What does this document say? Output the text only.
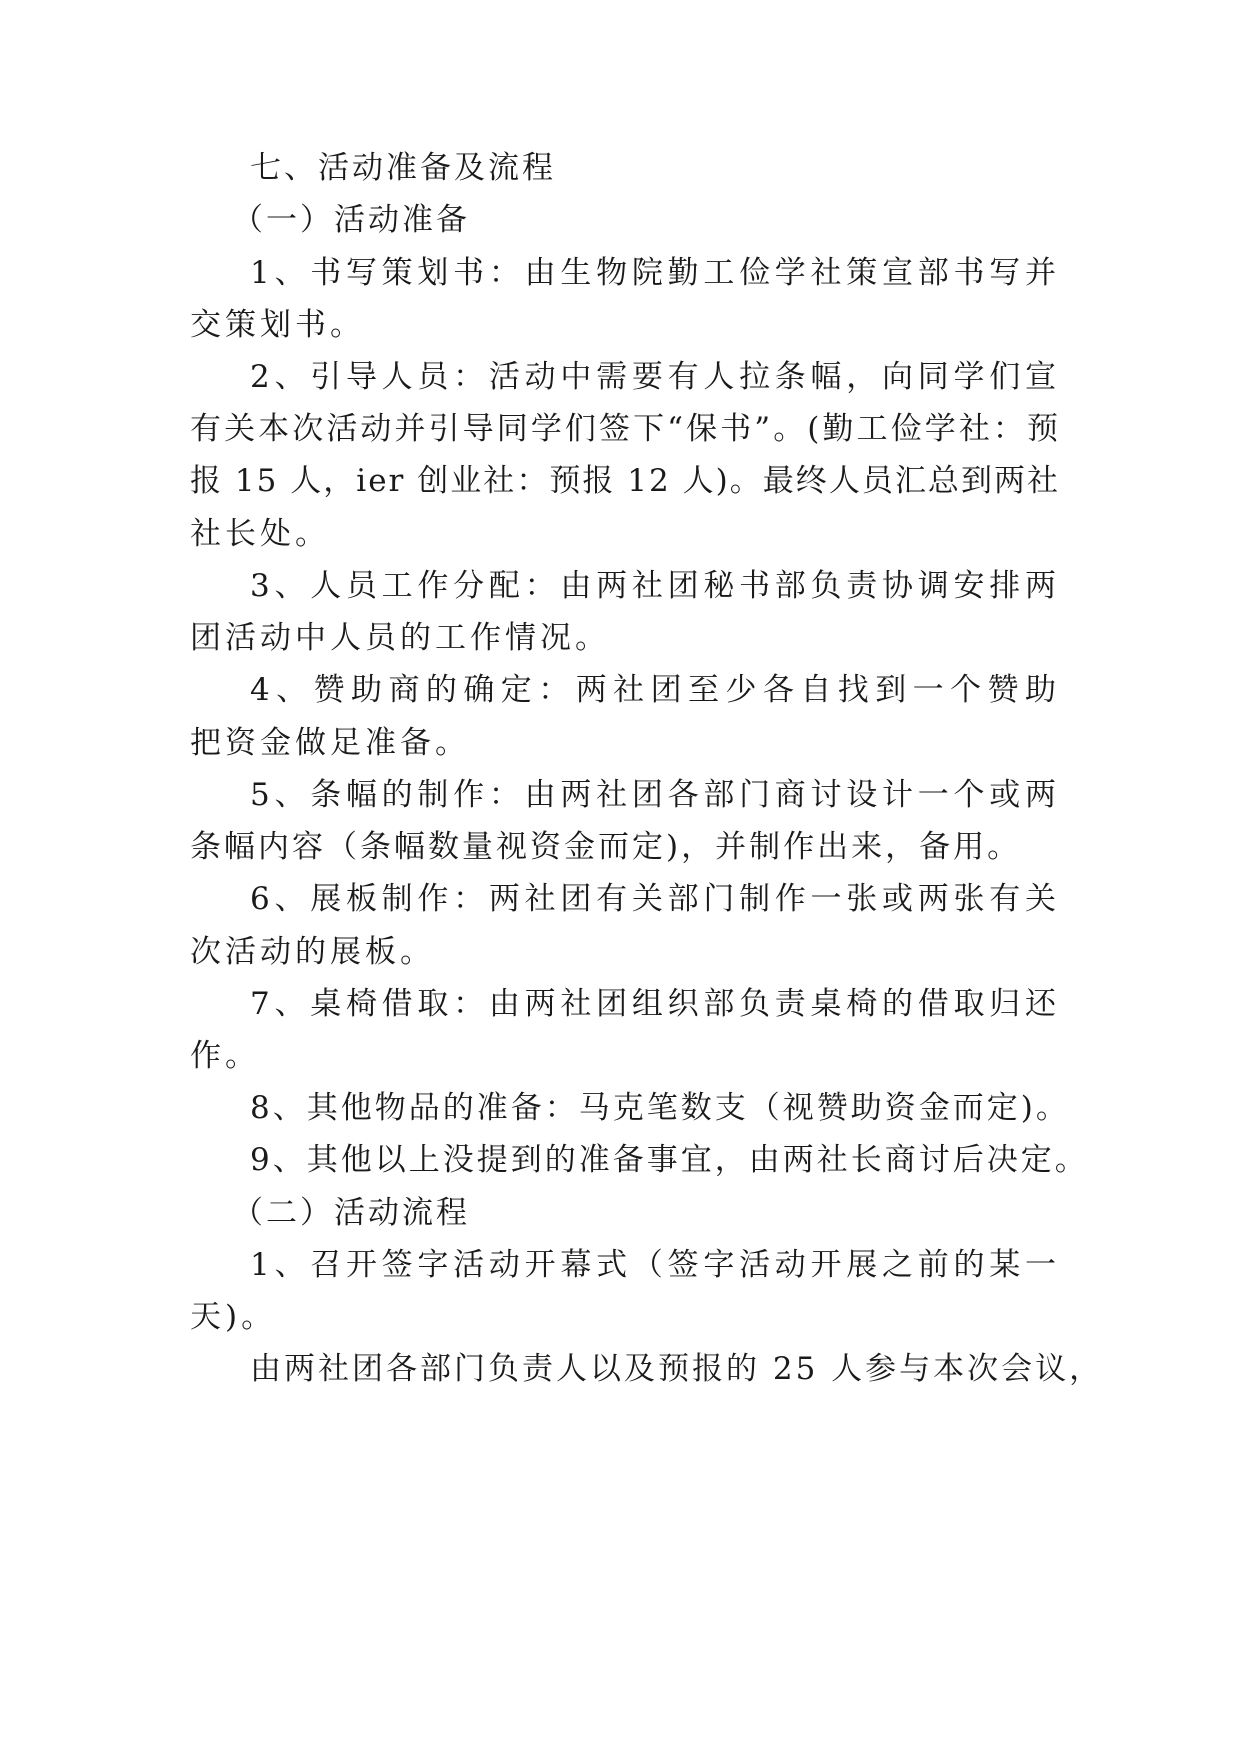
七、活动准备及流程
（一）活动准备
1、书写策划书：由生物院勤工俭学社策宣部书写并
交策划书。
2、引导人员：活动中需要有人拉条幅，向同学们宣
有关本次活动并引导同学们签下“保书”。(勤工俭学社：预
报 15 人，ier 创业社：预报 12 人)。最终人员汇总到两社
社长处。
3、人员工作分配：由两社团秘书部负责协调安排两
团活动中人员的工作情况。
4、赞助商的确定：两社团至少各自找到一个赞助
把资金做足准备。
5、条幅的制作：由两社团各部门商讨设计一个或两
条幅内容（条幅数量视资金而定)，并制作出来，备用。
6、展板制作：两社团有关部门制作一张或两张有关
次活动的展板。
7、桌椅借取：由两社团组织部负责桌椅的借取归还
作。
8、其他物品的准备：马克笔数支（视赞助资金而定)。
9、其他以上没提到的准备事宜，由两社长商讨后决定。
（二）活动流程
1、召开签字活动开幕式（签字活动开展之前的某一
天)。
由两社团各部门负责人以及预报的 25 人参与本次会议，
